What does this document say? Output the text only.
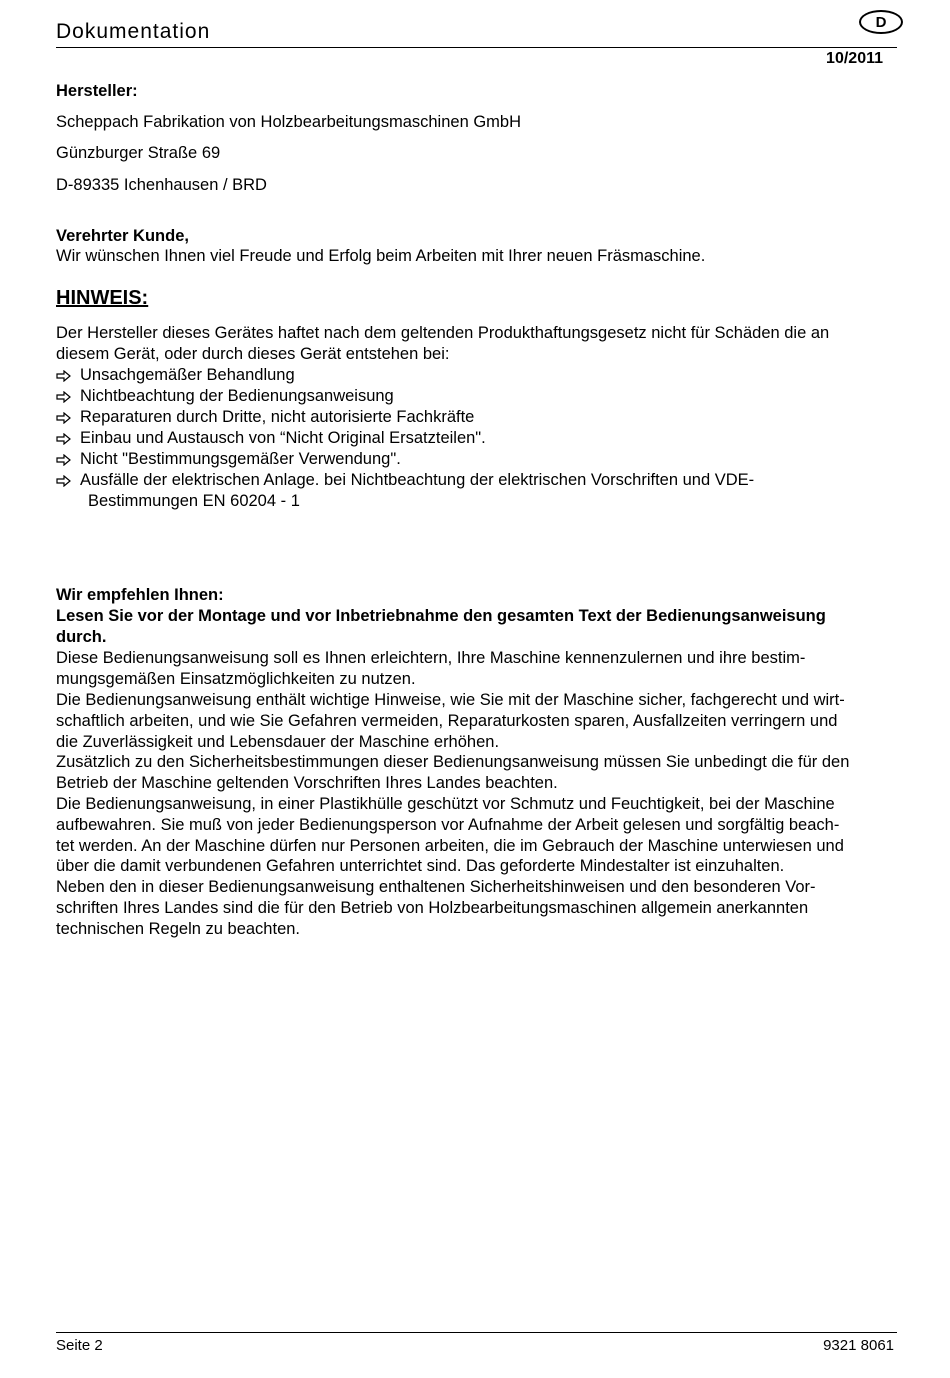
Dokumentation	D
10/2011
Hersteller:
Scheppach Fabrikation von Holzbearbeitungsmaschinen GmbH
Günzburger Straße 69
D-89335 Ichenhausen / BRD
Verehrter Kunde,
Wir wünschen Ihnen viel Freude und Erfolg beim Arbeiten mit Ihrer neuen Fräsmaschine.
HINWEIS:
Der Hersteller dieses Gerätes haftet nach dem geltenden Produkthaftungsgesetz nicht für Schäden die an
diesem Gerät, oder durch dieses Gerät entstehen bei:
Unsachgemäßer Behandlung
Nichtbeachtung der Bedienungsanweisung
Reparaturen durch Dritte, nicht autorisierte Fachkräfte
Einbau und Austausch von “Nicht Original Ersatzteilen".
Nicht "Bestimmungsgemäßer Verwendung".
Ausfälle der elektrischen Anlage. bei Nichtbeachtung der elektrischen Vorschriften und VDE-
Bestimmungen EN 60204 - 1
Wir empfehlen Ihnen:
Lesen Sie vor der Montage und vor Inbetriebnahme den gesamten Text der Bedienungsanweisung
durch.
Diese Bedienungsanweisung soll es Ihnen erleichtern, Ihre Maschine kennenzulernen und ihre bestim-
mungsgemäßen Einsatzmöglichkeiten zu nutzen.
Die Bedienungsanweisung enthält wichtige Hinweise, wie Sie mit der Maschine sicher, fachgerecht und wirt-
schaftlich arbeiten, und wie Sie Gefahren vermeiden, Reparaturkosten sparen, Ausfallzeiten verringern und
die Zuverlässigkeit und Lebensdauer der Maschine erhöhen.
Zusätzlich zu den Sicherheitsbestimmungen dieser Bedienungsanweisung müssen Sie unbedingt die für den
Betrieb der Maschine geltenden Vorschriften Ihres Landes beachten.
Die Bedienungsanweisung, in einer Plastikhülle geschützt vor Schmutz und Feuchtigkeit, bei der Maschine
aufbewahren. Sie muß von jeder Bedienungsperson vor Aufnahme der Arbeit gelesen und sorgfältig beach-
tet werden. An der Maschine dürfen nur Personen arbeiten, die im Gebrauch der Maschine unterwiesen und
über die damit verbundenen Gefahren unterrichtet sind. Das geforderte Mindestalter ist einzuhalten.
Neben den in dieser Bedienungsanweisung enthaltenen Sicherheitshinweisen und den besonderen Vor-
schriften Ihres Landes sind die für den Betrieb von Holzbearbeitungsmaschinen allgemein anerkannten
technischen Regeln zu beachten.
Seite 2	9321 8061
